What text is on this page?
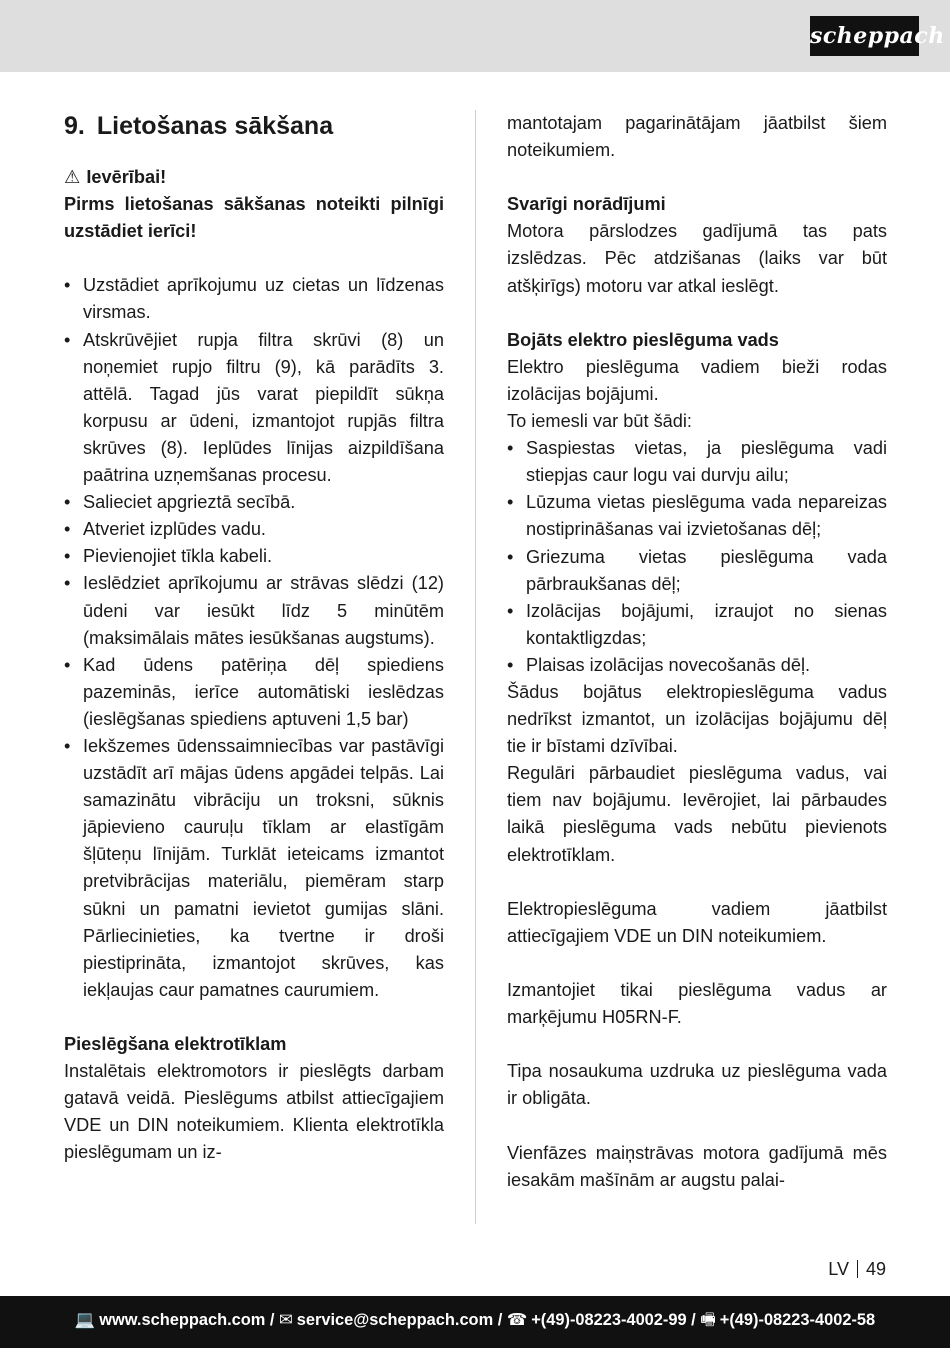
scheppach
9. Lietošanas sākšana

⚠ Ievērībai!

Pirms lietošanas sākšanas noteikti pilnīgi uzstādiet ierīci!

• Uzstādiet aprīkojumu uz cietas un līdzenas virsmas.
• Atskrūvējiet rupja filtra skrūvi (8) un noņemiet rupjo filtru (9), kā parādīts 3. attēlā. Tagad jūs varat piepildīt sūkņa korpusu ar ūdeni, izmantojot rupjās filtra skrūves (8). Ieplūdes līnijas aizpildīšana paātrina uzņemšanas procesu.
• Salieciet apgrieztā secībā.
• Atveriet izplūdes vadu.
• Pievienojiet tīkla kabeli.
• Ieslēdziet aprīkojumu ar strāvas slēdzi (12) ūdeni var iesūkt līdz 5 minūtēm (maksimālais mātes iesūkšanas augstums).
• Kad ūdens patēriņa dēļ spiediens pazeminās, ierīce automātiski ieslēdzas (ieslēgšanas spiediens aptuveni 1,5 bar)
• Iekšzemes ūdenssaimniecības var pastāvīgi uzstādīt arī mājas ūdens apgādei telpās. Lai samazinātu vibrāciju un troksni, sūknis jāpievieno cauruļu tīklam ar elastīgām šļūteņu līnijām. Turklāt ieteicams izmantot pretvibrācijas materiālu, piemēram starp sūkni un pamatni ievietot gumijas slāni. Pārliecinieties, ka tvertne ir droši piestiprināta, izmantojot skrūves, kas iekļaujas caur pamatnes caurumiem.

Pieslēgšana elektrotīklam

Instalētais elektromotors ir pieslēgts darbam gatavā veidā. Pieslēgums atbilst attiecīgajiem VDE un DIN noteikumiem. Klienta elektrotīkla pieslēgumam un iz-

mantotajam pagarinātājam jāatbilst šiem noteikumiem.

Svarīgi norādījumi

Motora pārslodzes gadījumā tas pats izslēdzas. Pēc atdzišanas (laiks var būt atšķirīgs) motoru var atkal ieslēgt.

Bojāts elektro pieslēguma vads

Elektro pieslēguma vadiem bieži rodas izolācijas bojājumi.

To iemesli var būt šādi:

• Saspiestas vietas, ja pieslēguma vadi stiepjas caur logu vai durvju ailu;
• Lūzuma vietas pieslēguma vada nepareizas nostiprināšanas vai izvietošanas dēļ;
• Griezuma vietas pieslēguma vada pārbraukšanas dēļ;
• Izolācijas bojājumi, izraujot no sienas kontaktligzdas;
• Plaisas izolācijas novecošanās dēļ.

Šādus bojātus elektropieslēguma vadus nedrīkst izmantot, un izolācijas bojājumu dēļ tie ir bīstami dzīvībai.

Regulāri pārbaudiet pieslēguma vadus, vai tiem nav bojājumu. Ievērojiet, lai pārbaudes laikā pieslēguma vads nebūtu pievienots elektrotīklam.

Elektropieslēguma vadiem jāatbilst attiecīgajiem VDE un DIN noteikumiem.

Izmantojiet tikai pieslēguma vadus ar marķējumu H05RN-F.

Tipa nosaukuma uzdruka uz pieslēguma vada ir obligāta.

Vienfāzes maiņstrāvas motora gadījumā mēs iesakām mašīnām ar augstu palai-

LV 49
💻 www.scheppach.com / ✉ service@scheppach.com / ☎ +(49)-08223-4002-99 / 🖷 +(49)-08223-4002-58
